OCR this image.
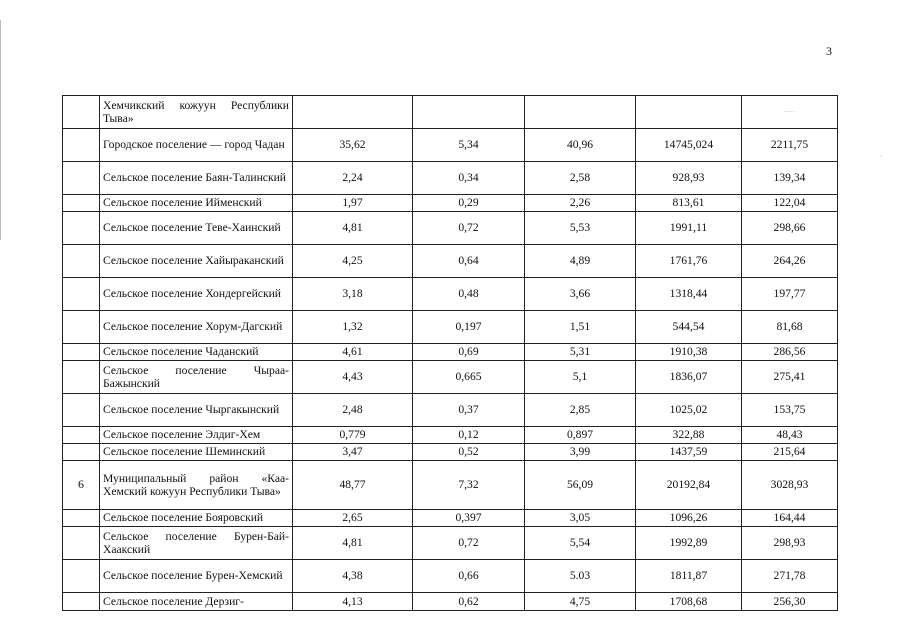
3
·
	Хемчикский кожуун Республики Тыва»					·····
	Городское поселение — город Чадан	35,62	5,34	40,96	14745,024	2211,75
	Сельское поселение Баян-Талинский	2,24	0,34	2,58	928,93	139,34
	Сельское поселение Ийменский	1,97	0,29	2,26	813,61	122,04
	Сельское поселение Теве-Хаинский	4,81	0,72	5,53	1991,11	298,66
	Сельское поселение Хайыраканский	4,25	0,64	4,89	1761,76	264,26
	Сельское поселение Хондергейский	3,18	0,48	3,66	1318,44	197,77
	Сельское поселение Хорум-Дагский	1,32	0,197	1,51	544,54	81,68
	Сельское поселение Чаданский	4,61	0,69	5,31	1910,38	286,56
	Сельское поселение Чыраа-Бажынский	4,43	0,665	5,1	1836,07	275,41
	Сельское поселение Чыргакынский	2,48	0,37	2,85	1025,02	153,75
	Сельское поселение Элдиг-Хем	0,779	0,12	0,897	322,88	48,43
	Сельское поселение Шеминский	3,47	0,52	3,99	1437,59	215,64
6	Муниципальный район «Каа-Хемский кожуун Республики Тыва»	48,77	7,32	56,09	20192,84	3028,93
	Сельское поселение Бояровский	2,65	0,397	3,05	1096,26	164,44
	Сельское поселение Бурен-Бай-Хаакский	4,81	0,72	5,54	1992,89	298,93
	Сельское поселение Бурен-Хемский	4,38	0,66	5.03	1811,87	271,78
	Сельское поселение Дерзиг-	4,13	0,62	4,75	1708,68	256,30
